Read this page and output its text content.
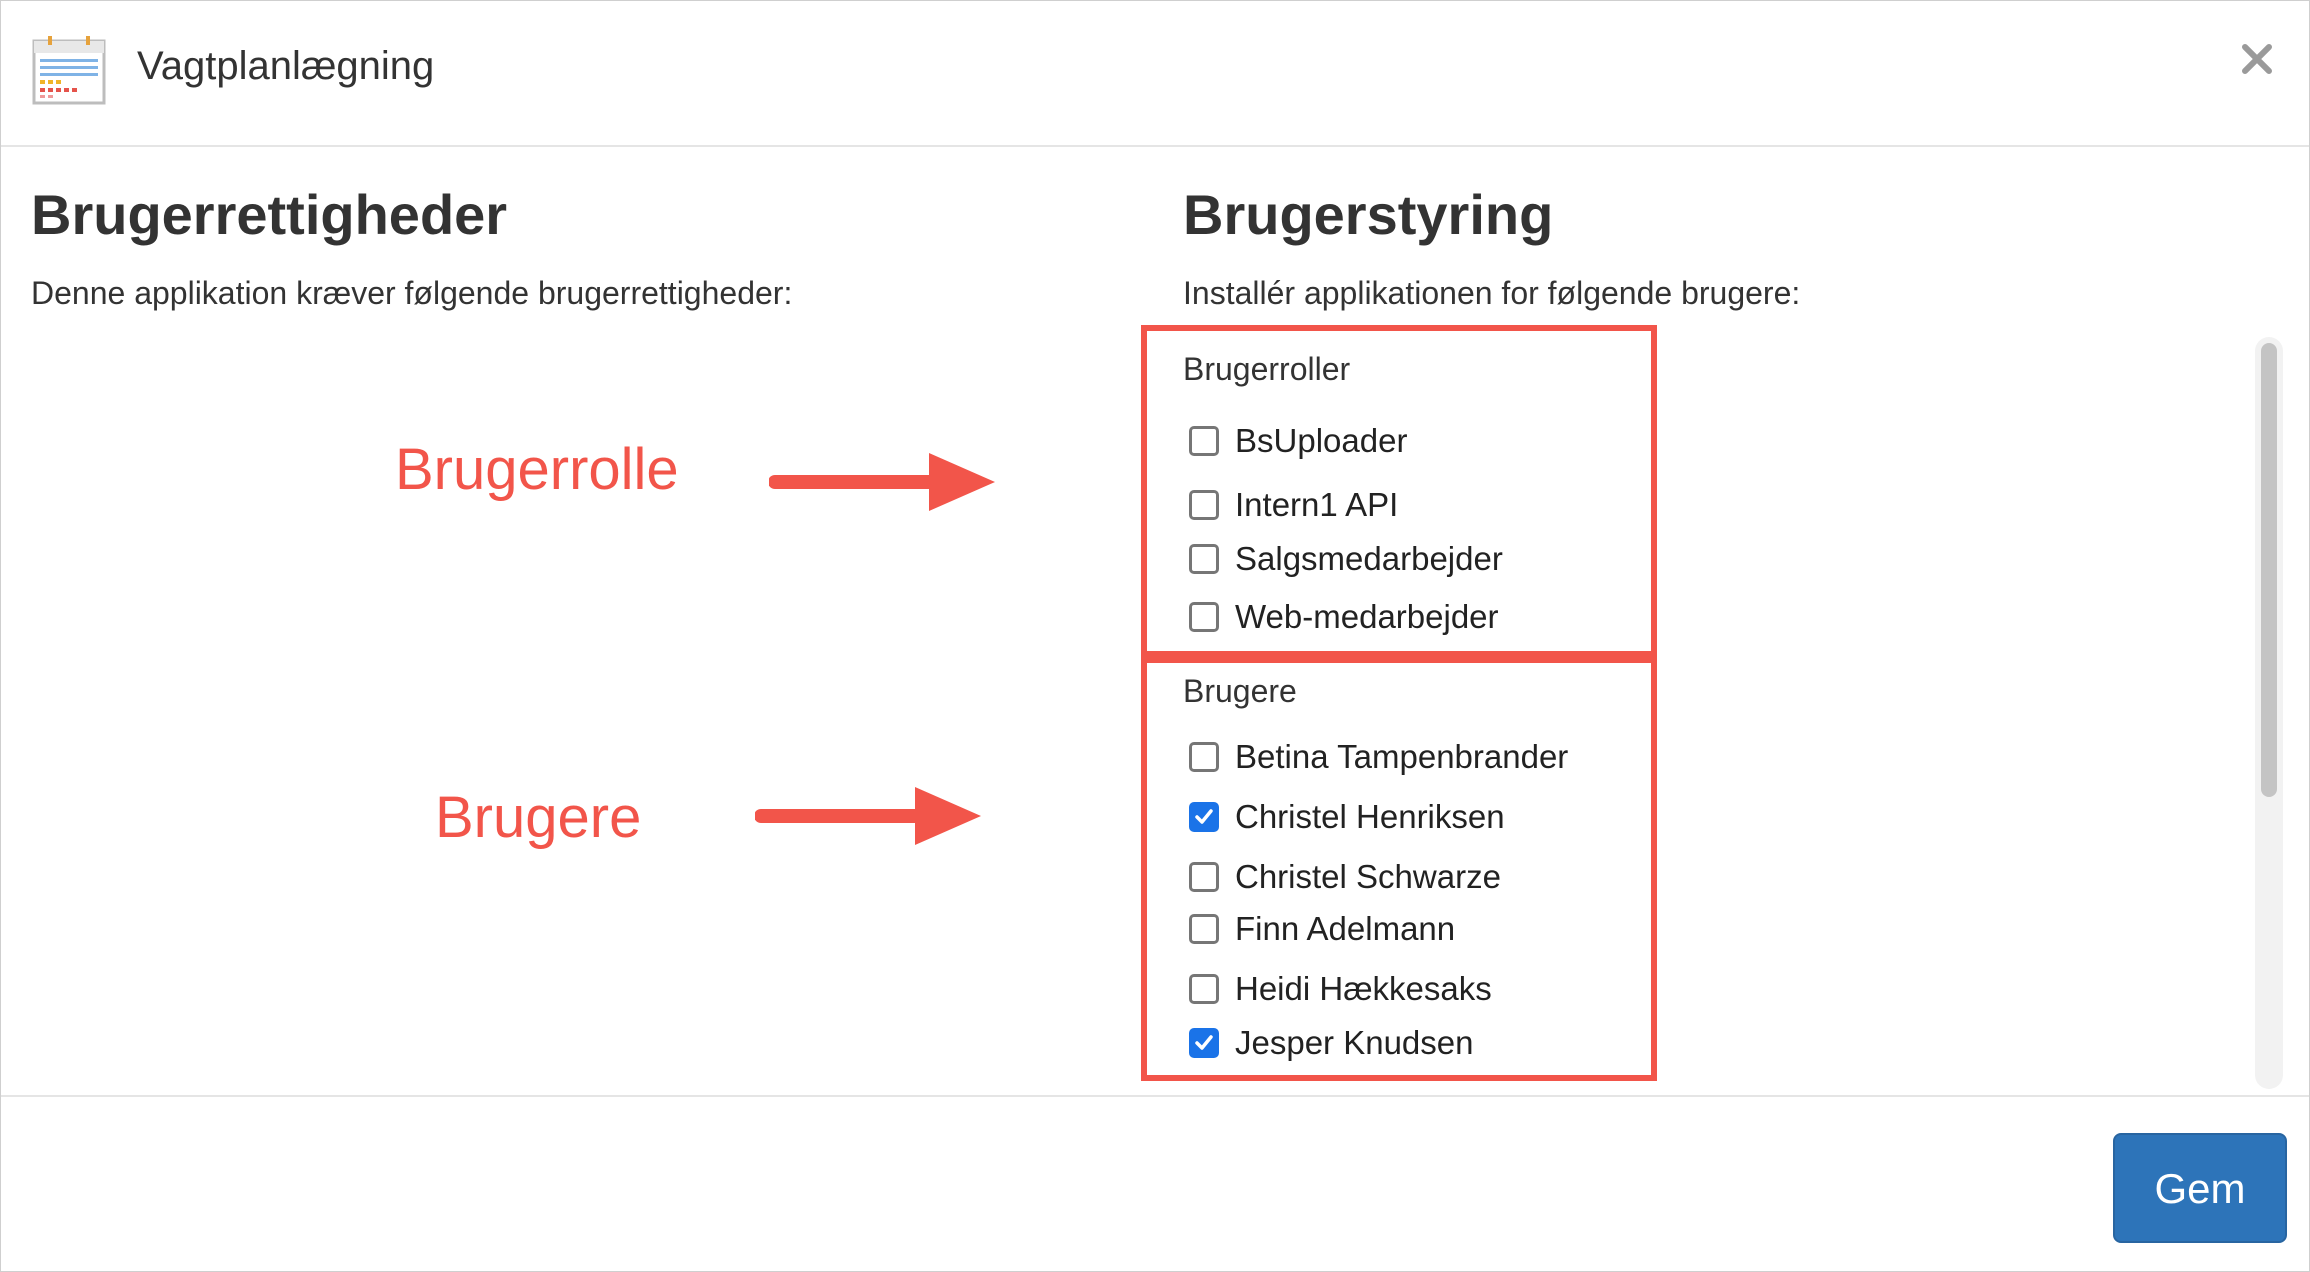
Vagtplanlægning
Brugerrettigheder
Denne applikation kræver følgende brugerrettigheder:
Brugerrolle
Brugere
Brugerstyring
Installér applikationen for følgende brugere:
Brugerroller
BsUploader
Intern1 API
Salgsmedarbejder
Web-medarbejder
Brugere
Betina Tampenbrander
Christel Henriksen
Christel Schwarze
Finn Adelmann
Heidi Hækkesaks
Jesper Knudsen
Gem
